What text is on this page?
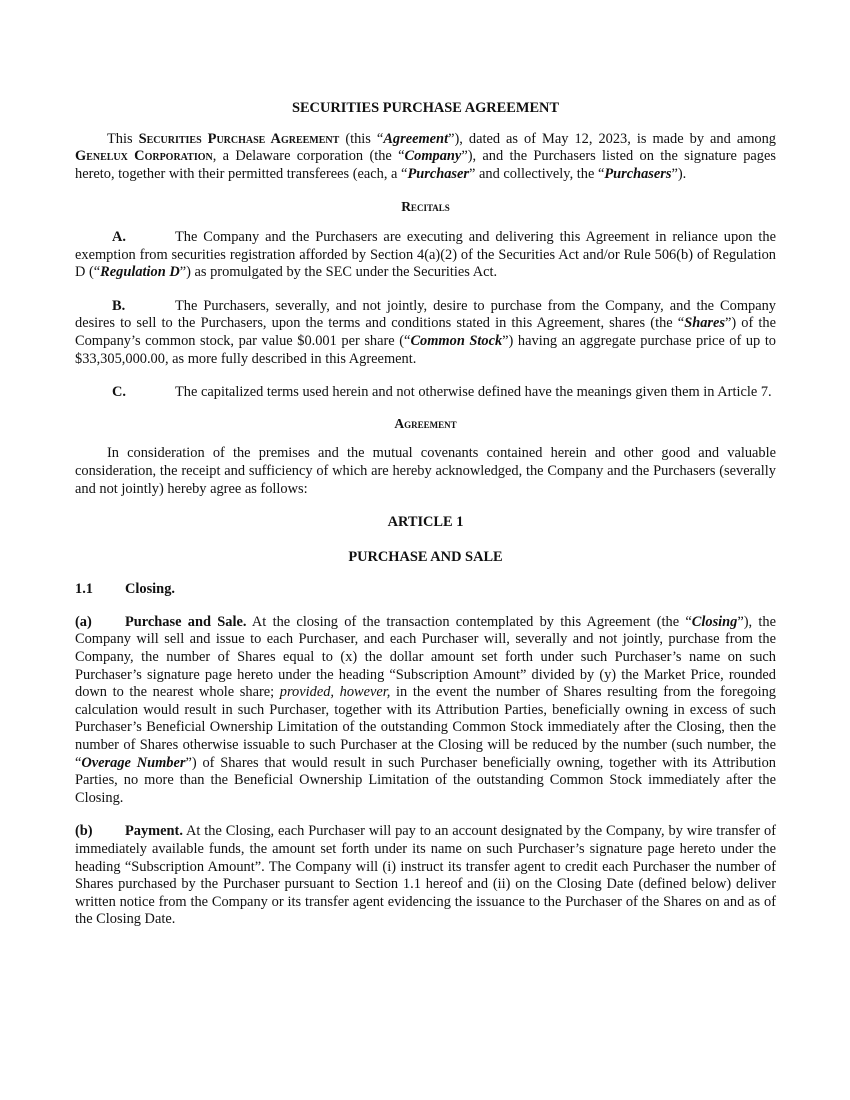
SECURITIES PURCHASE AGREEMENT

This Securities Purchase Agreement (this “Agreement”), dated as of May 12, 2023, is made by and among Genelux Corporation, a Delaware corporation (the “Company”), and the Purchasers listed on the signature pages hereto, together with their permitted transferees (each, a “Purchaser” and collectively, the “Purchasers”).

Recitals

A.	The Company and the Purchasers are executing and delivering this Agreement in reliance upon the exemption from securities registration afforded by Section 4(a)(2) of the Securities Act and/or Rule 506(b) of Regulation D (“Regulation D”) as promulgated by the SEC under the Securities Act.

B.	The Purchasers, severally, and not jointly, desire to purchase from the Company, and the Company desires to sell to the Purchasers, upon the terms and conditions stated in this Agreement, shares (the “Shares”) of the Company’s common stock, par value $0.001 per share (“Common Stock”) having an aggregate purchase price of up to $33,305,000.00, as more fully described in this Agreement.

C.	The capitalized terms used herein and not otherwise defined have the meanings given them in Article 7.

Agreement

In consideration of the premises and the mutual covenants contained herein and other good and valuable consideration, the receipt and sufficiency of which are hereby acknowledged, the Company and the Purchasers (severally and not jointly) hereby agree as follows:

ARTICLE 1

PURCHASE AND SALE

1.1 Closing.

(a) Purchase and Sale. At the closing of the transaction contemplated by this Agreement (the “Closing”), the Company will sell and issue to each Purchaser, and each Purchaser will, severally and not jointly, purchase from the Company, the number of Shares equal to (x) the dollar amount set forth under such Purchaser’s name on such Purchaser’s signature page hereto under the heading “Subscription Amount” divided by (y) the Market Price, rounded down to the nearest whole share; provided, however, in the event the number of Shares resulting from the foregoing calculation would result in such Purchaser, together with its Attribution Parties, beneficially owning in excess of such Purchaser’s Beneficial Ownership Limitation of the outstanding Common Stock immediately after the Closing, then the number of Shares otherwise issuable to such Purchaser at the Closing will be reduced by the number (such number, the “Overage Number”) of Shares that would result in such Purchaser beneficially owning, together with its Attribution Parties, no more than the Beneficial Ownership Limitation of the outstanding Common Stock immediately after the Closing.

(b) Payment. At the Closing, each Purchaser will pay to an account designated by the Company, by wire transfer of immediately available funds, the amount set forth under its name on such Purchaser’s signature page hereto under the heading “Subscription Amount”. The Company will (i) instruct its transfer agent to credit each Purchaser the number of Shares purchased by the Purchaser pursuant to Section 1.1 hereof and (ii) on the Closing Date (defined below) deliver written notice from the Company or its transfer agent evidencing the issuance to the Purchaser of the Shares on and as of the Closing Date.
